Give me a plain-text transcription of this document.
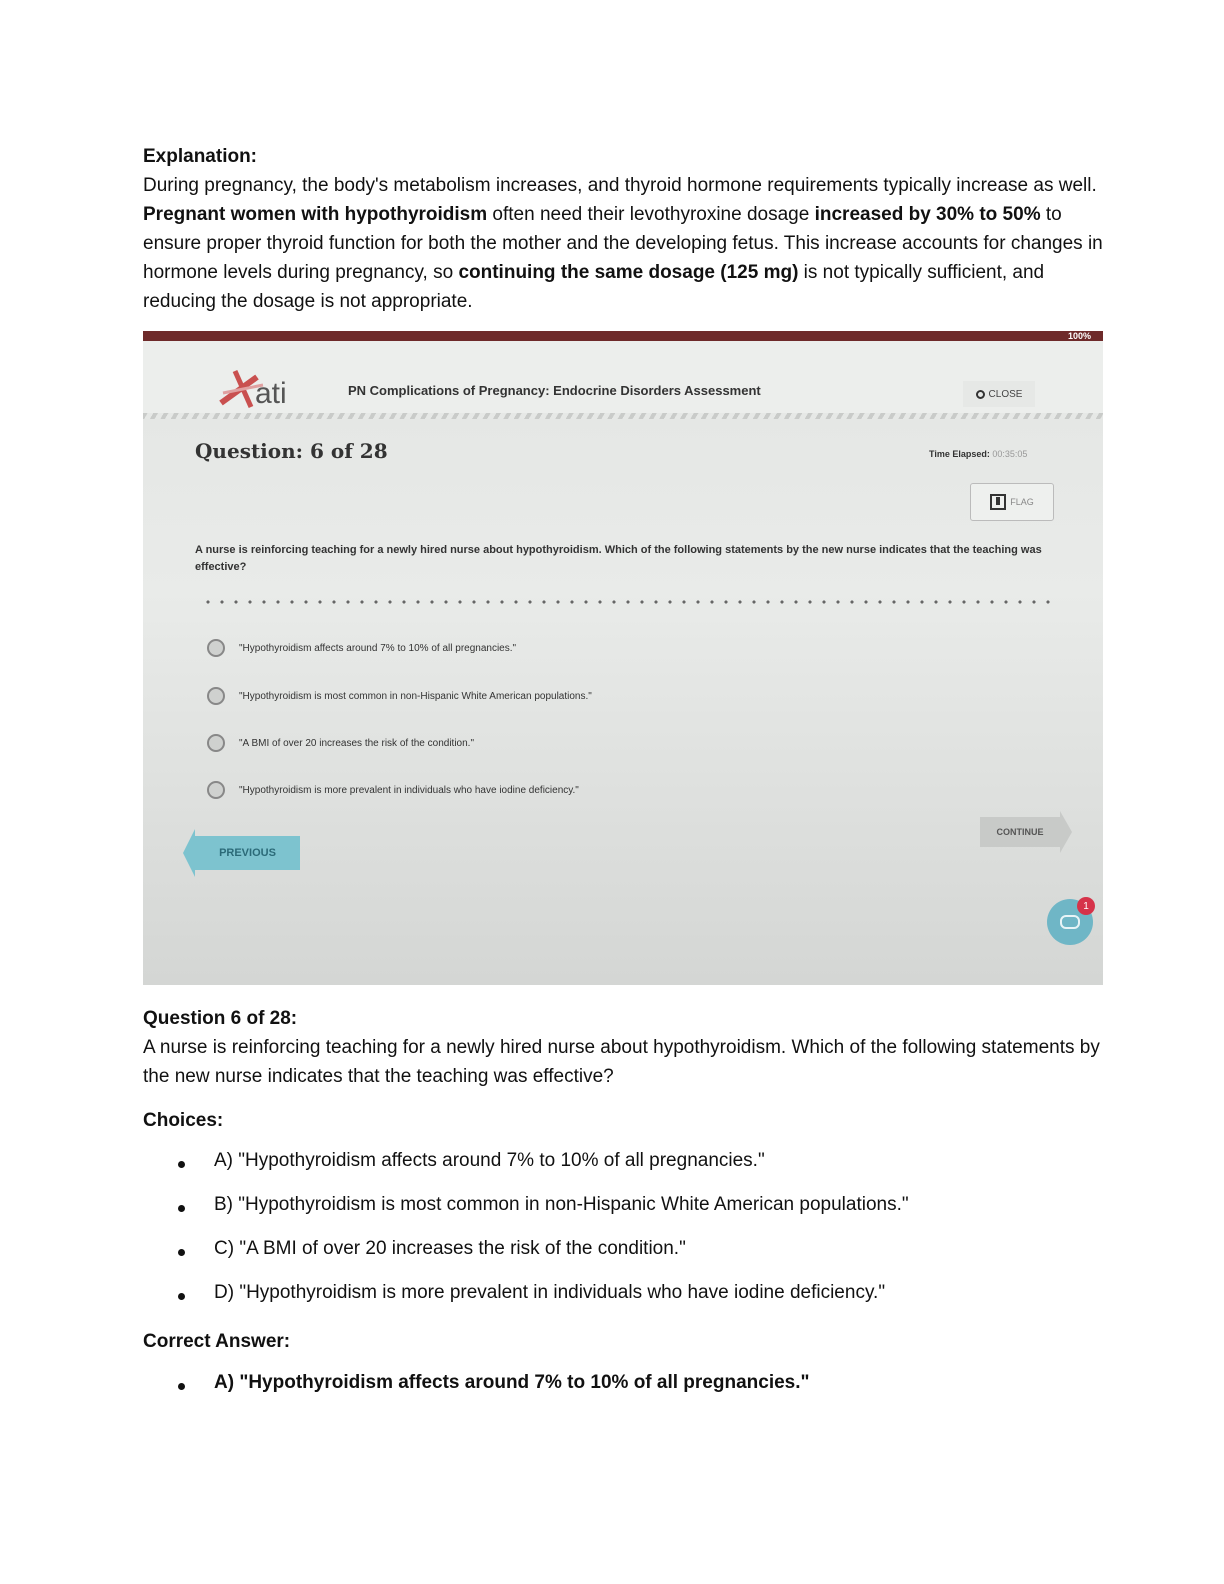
Explanation:
During pregnancy, the body's metabolism increases, and thyroid hormone requirements typically increase as well. Pregnant women with hypothyroidism often need their levothyroxine dosage increased by 30% to 50% to ensure proper thyroid function for both the mother and the developing fetus. This increase accounts for changes in hormone levels during pregnancy, so continuing the same dosage (125 mg) is not typically sufficient, and reducing the dosage is not appropriate.
100%
ati	PN Complications of Pregnancy: Endocrine Disorders Assessment	CLOSE
Question: 6 of 28	Time Elapsed: 00:35:05
FLAG
A nurse is reinforcing teaching for a newly hired nurse about hypothyroidism. Which of the following statements by the new nurse indicates that the teaching was effective?
"Hypothyroidism affects around 7% to 10% of all pregnancies."
"Hypothyroidism is most common in non-Hispanic White American populations."
"A BMI of over 20 increases the risk of the condition."
"Hypothyroidism is more prevalent in individuals who have iodine deficiency."
CONTINUE
PREVIOUS
1
Question 6 of 28:
A nurse is reinforcing teaching for a newly hired nurse about hypothyroidism. Which of the following statements by the new nurse indicates that the teaching was effective?
Choices:
A) "Hypothyroidism affects around 7% to 10% of all pregnancies."
B) "Hypothyroidism is most common in non-Hispanic White American populations."
C) "A BMI of over 20 increases the risk of the condition."
D) "Hypothyroidism is more prevalent in individuals who have iodine deficiency."
Correct Answer:
A) "Hypothyroidism affects around 7% to 10% of all pregnancies."
